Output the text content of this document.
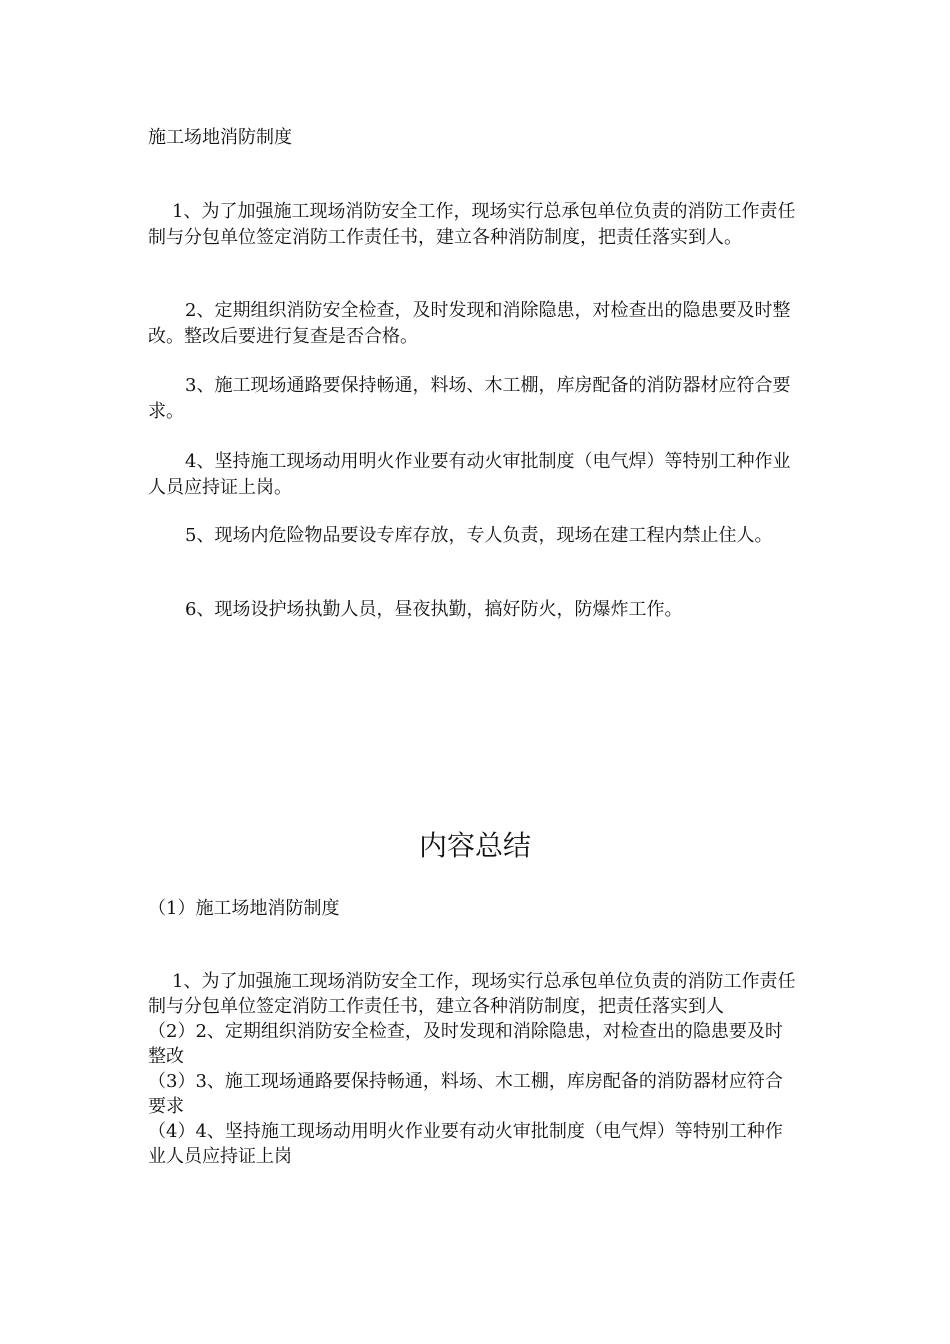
施工场地消防制度

1、为了加强施工现场消防安全工作，现场实行总承包单位负责的消防工作责任制与分包单位签定消防工作责任书，建立各种消防制度，把责任落实到人。

2、定期组织消防安全检查，及时发现和消除隐患，对检查出的隐患要及时整改。整改后要进行复查是否合格。

3、施工现场通路要保持畅通，料场、木工棚，库房配备的消防器材应符合要求。

4、坚持施工现场动用明火作业要有动火审批制度（电气焊）等特别工种作业人员应持证上岗。

5、现场内危险物品要设专库存放，专人负责，现场在建工程内禁止住人。

6、现场设护场执勤人员，昼夜执勤，搞好防火，防爆炸工作。

内容总结

（1）施工场地消防制度

1、为了加强施工现场消防安全工作，现场实行总承包单位负责的消防工作责任制与分包单位签定消防工作责任书，建立各种消防制度，把责任落实到人
（2）2、定期组织消防安全检查，及时发现和消除隐患，对检查出的隐患要及时整改
（3）3、施工现场通路要保持畅通，料场、木工棚，库房配备的消防器材应符合要求
（4）4、坚持施工现场动用明火作业要有动火审批制度（电气焊）等特别工种作业人员应持证上岗
